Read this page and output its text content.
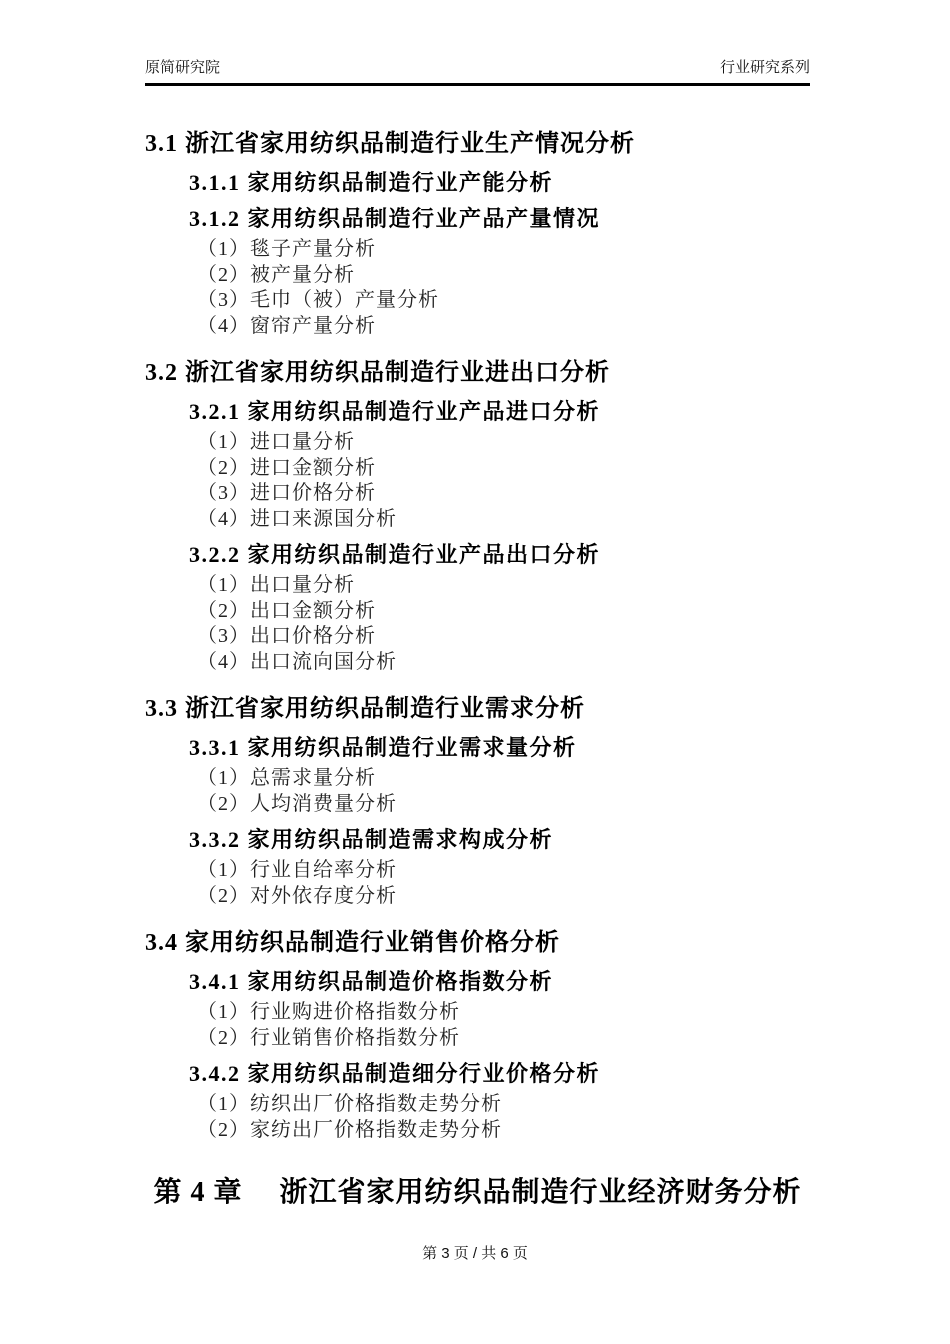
原简研究院	行业研究系列
3.1 浙江省家用纺织品制造行业生产情况分析
3.1.1 家用纺织品制造行业产能分析
3.1.2 家用纺织品制造行业产品产量情况
（1）毯子产量分析
（2）被产量分析
（3）毛巾（被）产量分析
（4）窗帘产量分析
3.2 浙江省家用纺织品制造行业进出口分析
3.2.1 家用纺织品制造行业产品进口分析
（1）进口量分析
（2）进口金额分析
（3）进口价格分析
（4）进口来源国分析
3.2.2 家用纺织品制造行业产品出口分析
（1）出口量分析
（2）出口金额分析
（3）出口价格分析
（4）出口流向国分析
3.3 浙江省家用纺织品制造行业需求分析
3.3.1 家用纺织品制造行业需求量分析
（1）总需求量分析
（2）人均消费量分析
3.3.2 家用纺织品制造需求构成分析
（1）行业自给率分析
（2）对外依存度分析
3.4 家用纺织品制造行业销售价格分析
3.4.1 家用纺织品制造价格指数分析
（1）行业购进价格指数分析
（2）行业销售价格指数分析
3.4.2 家用纺织品制造细分行业价格分析
（1）纺织出厂价格指数走势分析
（2）家纺出厂价格指数走势分析
第 4 章　 浙江省家用纺织品制造行业经济财务分析
第 3 页 / 共 6 页
